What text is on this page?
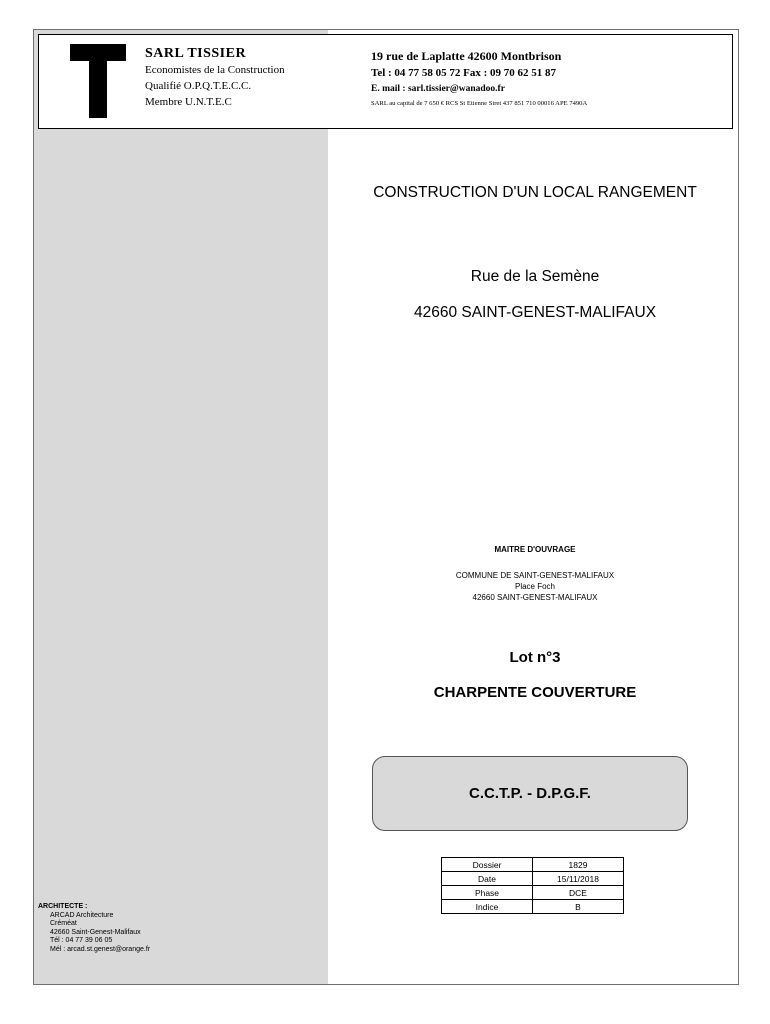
SARL TISSIER
Economistes de la Construction
Qualifié O.P.Q.T.E.C.C.
Membre U.N.T.E.C
19 rue de Laplatte 42600 Montbrison
Tel : 04 77 58 05 72 Fax : 09 70 62 51 87
E. mail : sarl.tissier@wanadoo.fr
SARL au capital de 7 650 € RCS St Etienne Siret 437 851 710 00016 APE 7490A
CONSTRUCTION D'UN LOCAL RANGEMENT
Rue de la Semène
42660 SAINT-GENEST-MALIFAUX
MAITRE D'OUVRAGE
COMMUNE DE SAINT-GENEST-MALIFAUX
Place Foch
42660 SAINT-GENEST-MALIFAUX
Lot n°3
CHARPENTE COUVERTURE
C.C.T.P. - D.P.G.F.
Dossier	1829
Date	15/11/2018
Phase	DCE
Indice	B
ARCHITECTE :
ARCAD Architecture
Créméat
42660 Saint-Genest-Malifaux
Tél : 04 77 39 06 05
Mél : arcad.st.genest@orange.fr
